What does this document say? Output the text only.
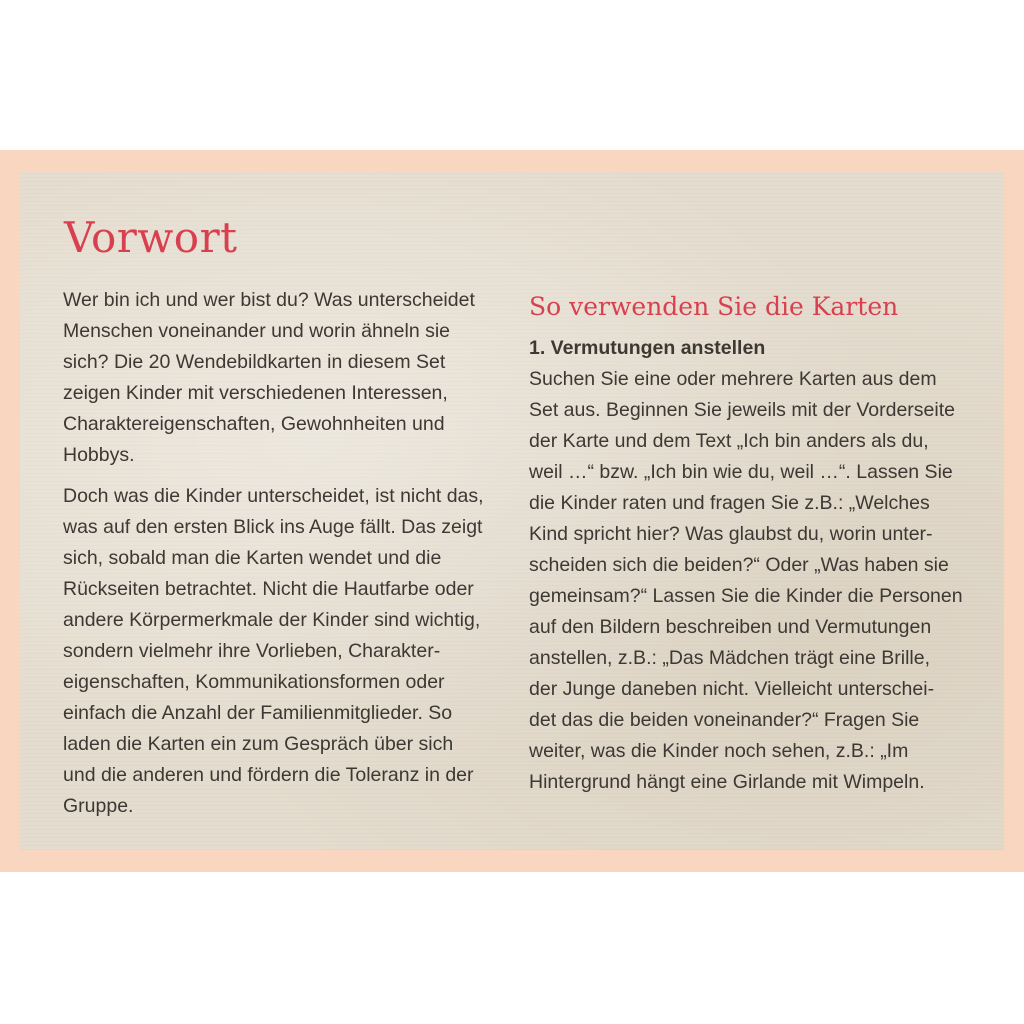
Vorwort

Wer bin ich und wer bist du? Was unterscheidet
Menschen voneinander und worin ähneln sie
sich? Die 20 Wendebildkarten in diesem Set
zeigen Kinder mit verschiedenen Interessen,
Charaktereigenschaften, Gewohnheiten und
Hobbys.

Doch was die Kinder unterscheidet, ist nicht das,
was auf den ersten Blick ins Auge fällt. Das zeigt
sich, sobald man die Karten wendet und die
Rückseiten betrachtet. Nicht die Hautfarbe oder
andere Körpermerkmale der Kinder sind wichtig,
sondern vielmehr ihre Vorlieben, Charakter-
eigenschaften, Kommunikationsformen oder
einfach die Anzahl der Familienmitglieder. So
laden die Karten ein zum Gespräch über sich
und die anderen und fördern die Toleranz in der
Gruppe.

So verwenden Sie die Karten
1. Vermutungen anstellen
Suchen Sie eine oder mehrere Karten aus dem
Set aus. Beginnen Sie jeweils mit der Vorderseite
der Karte und dem Text „Ich bin anders als du,
weil …“ bzw. „Ich bin wie du, weil …“. Lassen Sie
die Kinder raten und fragen Sie z.B.: „Welches
Kind spricht hier? Was glaubst du, worin unter-
scheiden sich die beiden?“ Oder „Was haben sie
gemeinsam?“ Lassen Sie die Kinder die Personen
auf den Bildern beschreiben und Vermutungen
anstellen, z.B.: „Das Mädchen trägt eine Brille,
der Junge daneben nicht. Vielleicht unterschei-
det das die beiden voneinander?“ Fragen Sie
weiter, was die Kinder noch sehen, z.B.: „Im
Hintergrund hängt eine Girlande mit Wimpeln.
